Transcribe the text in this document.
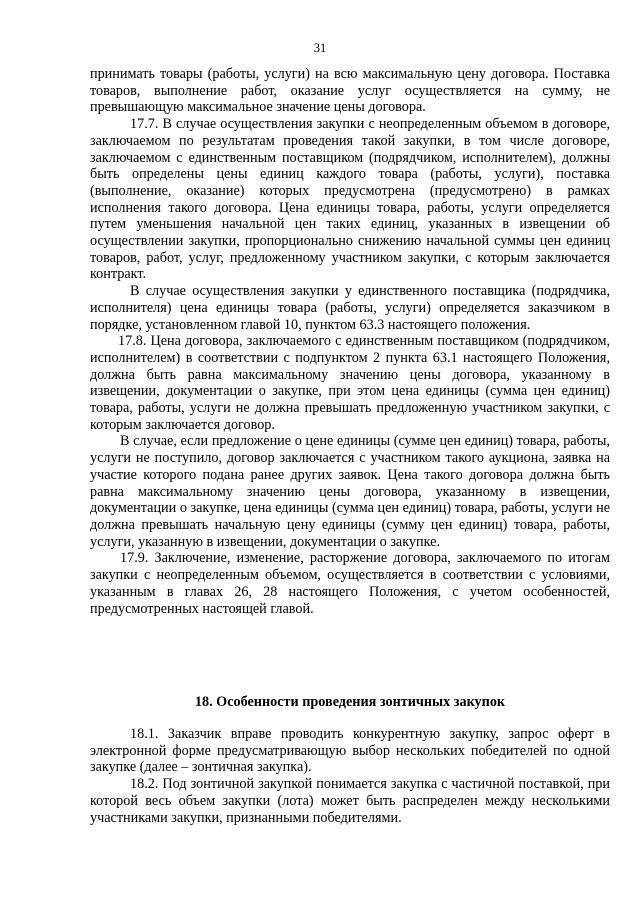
31

принимать товары (работы, услуги) на всю максимальную цену договора. Поставка товаров, выполнение работ, оказание услуг осуществляется на сумму, не превышающую максимальное значение цены договора.

17.7. В случае осуществления закупки с неопределенным объемом в договоре, заключаемом по результатам проведения такой закупки, в том числе договоре, заключаемом с единственным поставщиком (подрядчиком, исполнителем), должны быть определены цены единиц каждого товара (работы, услуги), поставка (выполнение, оказание) которых предусмотрена (предусмотрено) в рамках исполнения такого договора. Цена единицы товара, работы, услуги определяется путем уменьшения начальной цен таких единиц, указанных в извещении об осуществлении закупки, пропорционально снижению начальной суммы цен единиц товаров, работ, услуг, предложенному участником закупки, с которым заключается контракт.

В случае осуществления закупки у единственного поставщика (подрядчика, исполнителя) цена единицы товара (работы, услуги) определяется заказчиком в порядке, установленном главой 10, пунктом 63.3 настоящего положения.

17.8. Цена договора, заключаемого с единственным поставщиком (подрядчиком, исполнителем) в соответствии с подпунктом 2 пункта 63.1 настоящего Положения, должна быть равна максимальному значению цены договора, указанному в извещении, документации о закупке, при этом цена единицы (сумма цен единиц) товара, работы, услуги не должна превышать предложенную участником закупки, с которым заключается договор.

В случае, если предложение о цене единицы (сумме цен единиц) товара, работы, услуги не поступило, договор заключается с участником такого аукциона, заявка на участие которого подана ранее других заявок. Цена такого договора должна быть равна максимальному значению цены договора, указанному в извещении, документации о закупке, цена единицы (сумма цен единиц) товара, работы, услуги не должна превышать начальную цену единицы (сумму цен единиц) товара, работы, услуги, указанную в извещении, документации о закупке.

17.9. Заключение, изменение, расторжение договора, заключаемого по итогам закупки с неопределенным объемом, осуществляется в соответствии с условиями, указанным в главах 26, 28 настоящего Положения, с учетом особенностей, предусмотренных настоящей главой.

18. Особенности проведения зонтичных закупок

18.1. Заказчик вправе проводить конкурентную закупку, запрос оферт в электронной форме предусматривающую выбор нескольких победителей по одной закупке (далее – зонтичная закупка).

18.2. Под зонтичной закупкой понимается закупка с частичной поставкой, при которой весь объем закупки (лота) может быть распределен между несколькими участниками закупки, признанными победителями.
